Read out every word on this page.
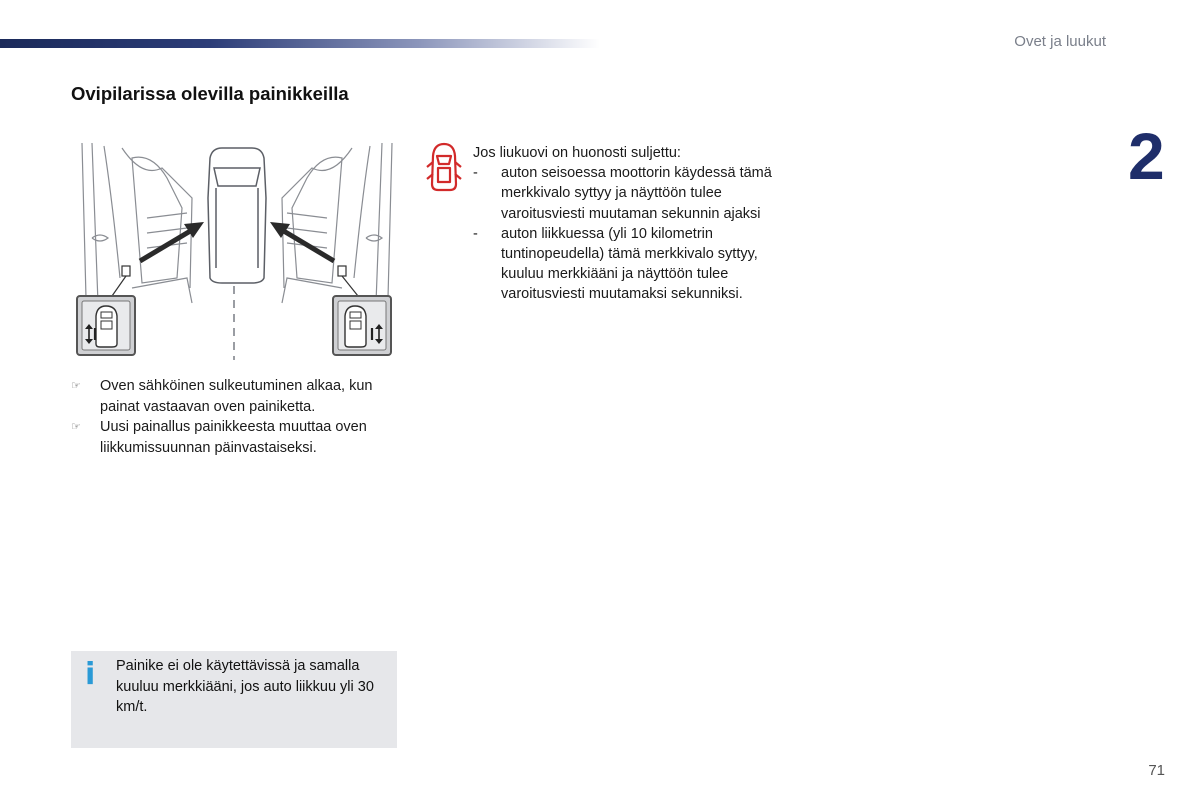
Ovet ja luukut
2
Ovipilarissa olevilla painikkeilla
☞ Oven sähköinen sulkeutuminen alkaa, kun painat vastaavan oven painiketta.
☞ Uusi painallus painikkeesta muuttaa oven liikkumissuunnan päinvastaiseksi.
Jos liukuovi on huonosti suljettu:
- auton seisoessa moottorin käydessä tämä merkkivalo syttyy ja näyttöön tulee varoitusviesti muutaman sekunnin ajaksi
- auton liikkuessa (yli 10 kilometrin tuntinopeudella) tämä merkkivalo syttyy, kuuluu merkkiääni ja näyttöön tulee varoitusviesti muutamaksi sekunniksi.
i Painike ei ole käytettävissä ja samalla kuuluu merkkiääni, jos auto liikkuu yli 30 km/t.
71
